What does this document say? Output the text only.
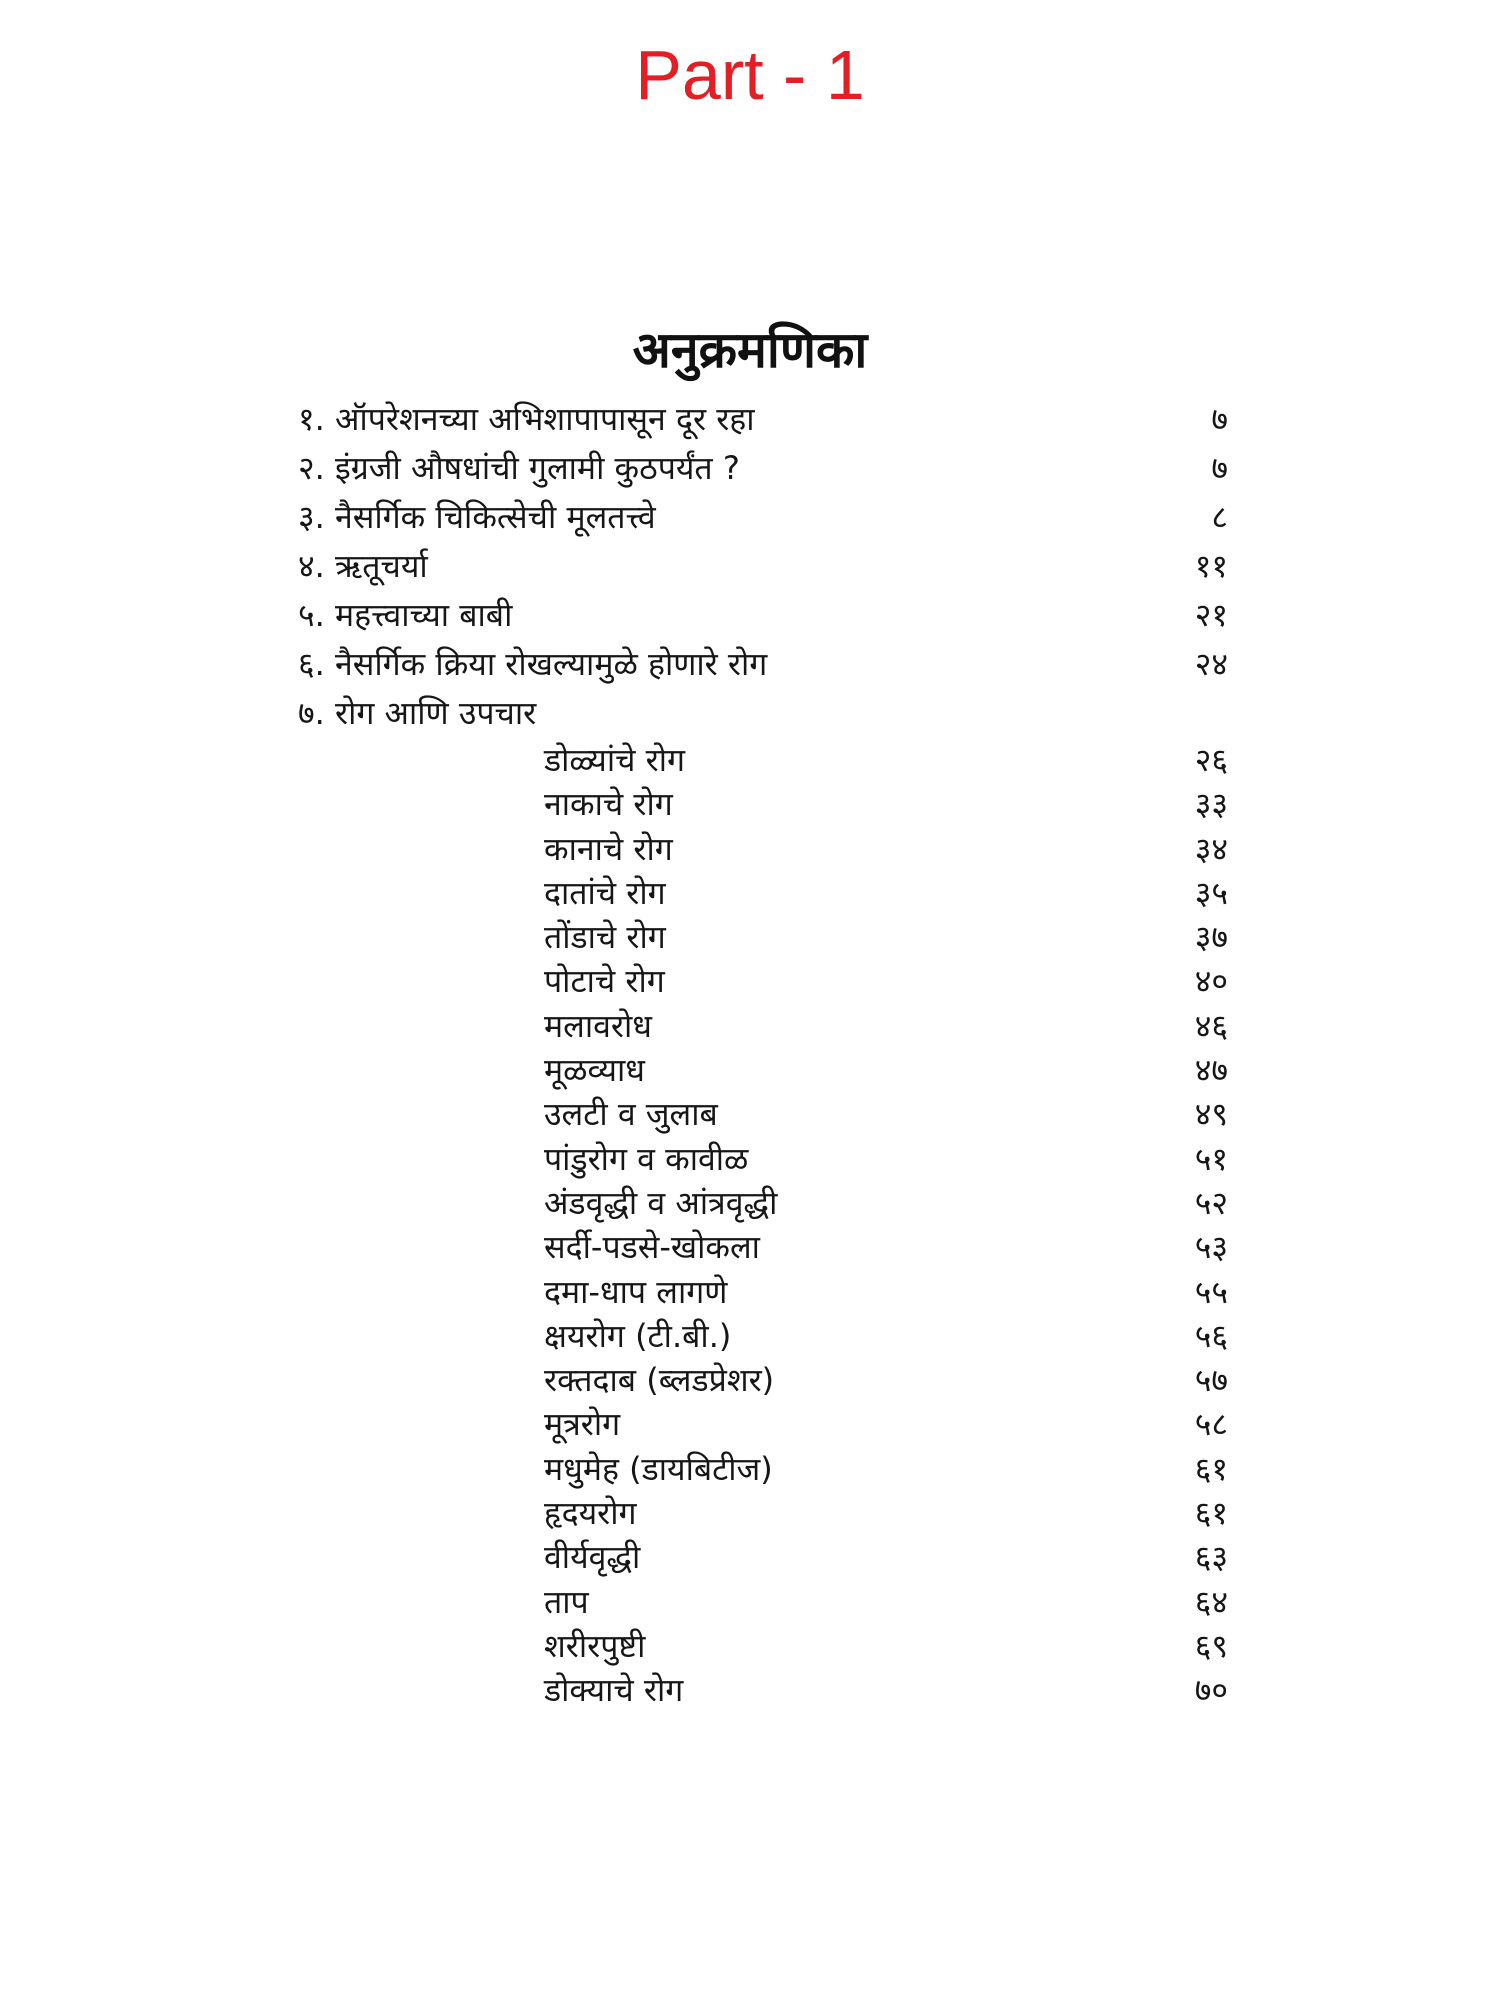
Part - 1
अनुक्रमणिका
१. ऑपरेशनच्या अभिशापापासून दूर रहा	७
२. इंग्रजी औषधांची गुलामी कुठपर्यंत ?	७
३. नैसर्गिक चिकित्सेची मूलतत्त्वे	८
४. ऋतूचर्या	११
५. महत्त्वाच्या बाबी	२१
६. नैसर्गिक क्रिया रोखल्यामुळे होणारे रोग	२४
७. रोग आणि उपचार
डोळ्यांचे रोग	२६
नाकाचे रोग	३३
कानाचे रोग	३४
दातांचे रोग	३५
तोंडाचे रोग	३७
पोटाचे रोग	४०
मलावरोध	४६
मूळव्याध	४७
उलटी व जुलाब	४९
पांडुरोग व कावीळ	५१
अंडवृद्धी व आंत्रवृद्धी	५२
सर्दी-पडसे-खोकला	५३
दमा-धाप लागणे	५५
क्षयरोग (टी.बी.)	५६
रक्तदाब (ब्लडप्रेशर)	५७
मूत्ररोग	५८
मधुमेह (डायबिटीज)	६१
हृदयरोग	६१
वीर्यवृद्धी	६३
ताप	६४
शरीरपुष्टी	६९
डोक्याचे रोग	७०
